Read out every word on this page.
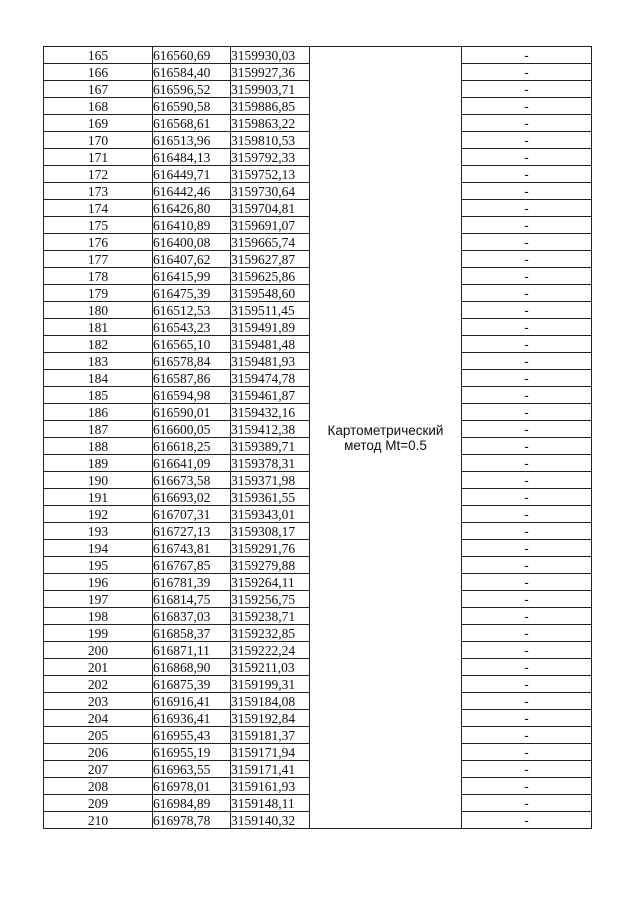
165	616560,69	3159930,03	Картометрический
метод Mt=0.5	-
166	616584,40	3159927,36		-
167	616596,52	3159903,71		-
168	616590,58	3159886,85		-
169	616568,61	3159863,22		-
170	616513,96	3159810,53		-
171	616484,13	3159792,33		-
172	616449,71	3159752,13		-
173	616442,46	3159730,64		-
174	616426,80	3159704,81		-
175	616410,89	3159691,07		-
176	616400,08	3159665,74		-
177	616407,62	3159627,87		-
178	616415,99	3159625,86		-
179	616475,39	3159548,60		-
180	616512,53	3159511,45		-
181	616543,23	3159491,89		-
182	616565,10	3159481,48		-
183	616578,84	3159481,93		-
184	616587,86	3159474,78		-
185	616594,98	3159461,87		-
186	616590,01	3159432,16		-
187	616600,05	3159412,38		-
188	616618,25	3159389,71		-
189	616641,09	3159378,31		-
190	616673,58	3159371,98		-
191	616693,02	3159361,55		-
192	616707,31	3159343,01		-
193	616727,13	3159308,17		-
194	616743,81	3159291,76		-
195	616767,85	3159279,88		-
196	616781,39	3159264,11		-
197	616814,75	3159256,75		-
198	616837,03	3159238,71		-
199	616858,37	3159232,85		-
200	616871,11	3159222,24		-
201	616868,90	3159211,03		-
202	616875,39	3159199,31		-
203	616916,41	3159184,08		-
204	616936,41	3159192,84		-
205	616955,43	3159181,37		-
206	616955,19	3159171,94		-
207	616963,55	3159171,41		-
208	616978,01	3159161,93		-
209	616984,89	3159148,11		-
210	616978,78	3159140,32		-
